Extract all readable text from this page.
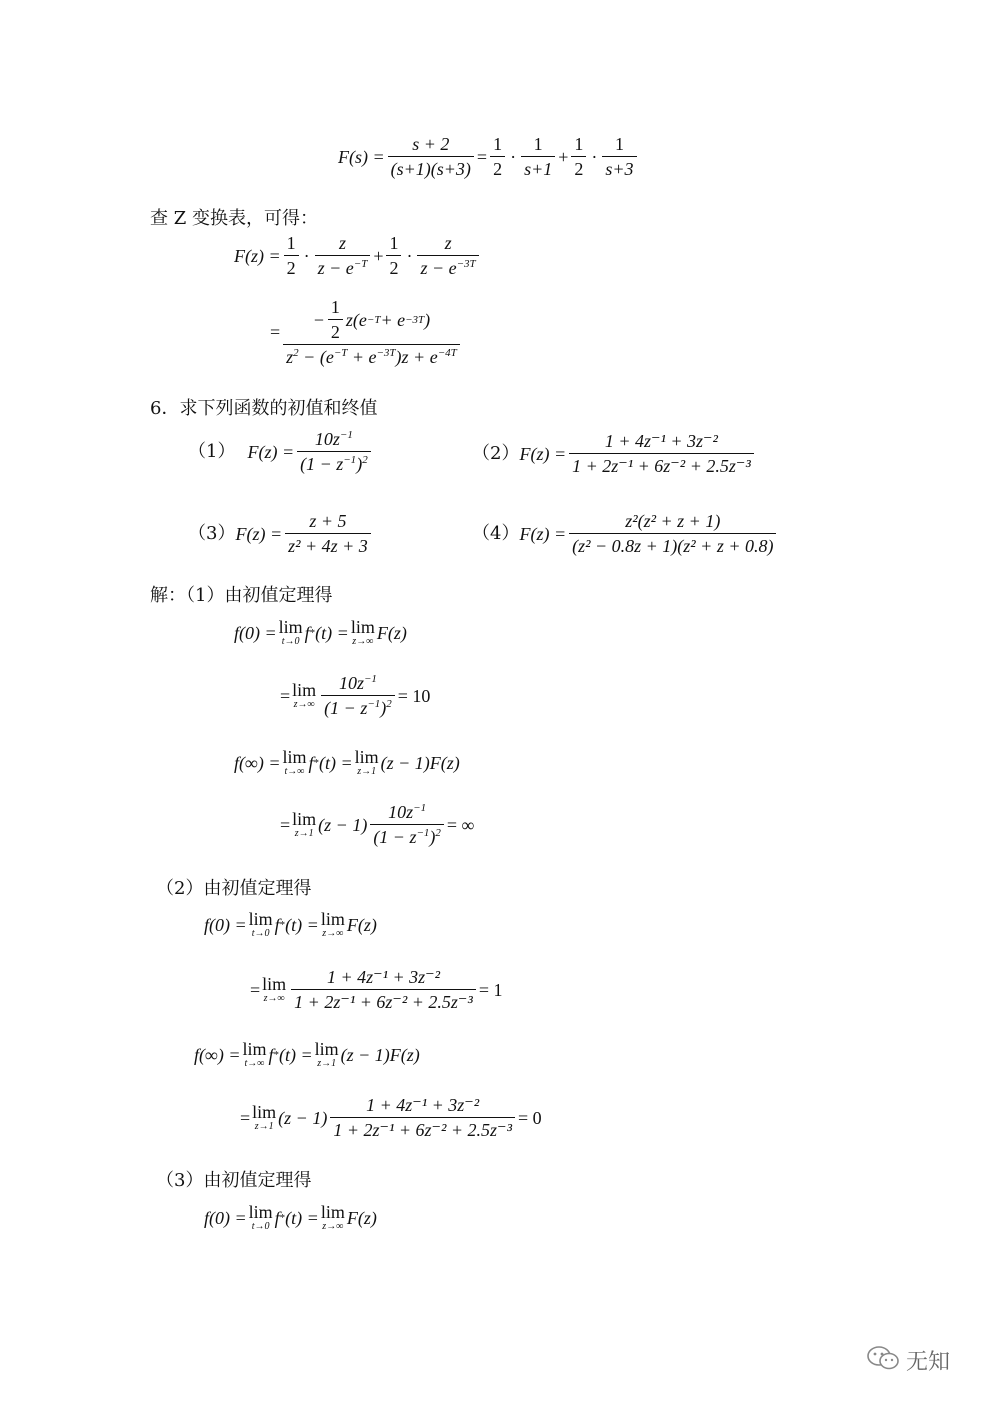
$F(s) = \frac{s + 2}{(s+1)(s+3)} = \frac{1}{2} \cdot \frac{1}{s+1} + \frac{1}{2} \cdot \frac{1}{s+3}$
查 Z 变换表，可得：
$F(z) = \frac{1}{2} \cdot \frac{z}{z - e^{-T}} + \frac{1}{2} \cdot \frac{z}{z - e^{-3T}}$
= $\frac{- \frac{1}{2} z(e -T + e -3T )}{z^2 - (e^{-T} + e^{-3T})z + e^{-4T}}$
6．求下列函数的初值和终值
（1） $F(z) = \frac{10z^{-1}}{(1 - z^{-1})^2}$	（2） $F(z) = \frac{\text{1 + 4z⁻¹ + 3z⁻²}}{\text{1 + 2z⁻¹ + 6z⁻² + 2.5z⁻³}}$
（3） $F(z) = \frac{z + 5}{\text{z² + 4z + 3}}$	（4） $F(z) = \frac{\text{z²(z² + z + 1)}}{\text{(z² − 0.8z + 1)(z² + z + 0.8)}}$
解：（1）由初值定理得
f(0) = lim
t→0 f * (t) = lim
z→∞ F(z)
= lim
$z\to\infty \frac{10z^{-1}}{(1 - z^{-1})^2} = 10$
f(∞) = lim
t→∞ f * (t) = lim
z→1 (z − 1)F(z)
= lim
z→1 $(z - 1) \frac{10z^{-1}}{(1 - z^{-1})^2}$ = ∞
（2）由初值定理得
f(0) = lim
t→0 f * (t) = lim
z→∞ F(z)
= lim
$z\to\infty \frac{\text{1 + 4z⁻¹ + 3z⁻²}}{\text{1 + 2z⁻¹ + 6z⁻² + 2.5z⁻³}} = 1$
f(∞) = lim
t→∞ f * (t) = lim
z→1 (z − 1)F(z)
= lim
z→1 $(z - 1) \frac{\text{1 + 4z⁻¹ + 3z⁻²}}{\text{1 + 2z⁻¹ + 6z⁻² + 2.5z⁻³}} = 0$
（3）由初值定理得
f(0) = lim
t→0 f * (t) = lim
z→∞ F(z)
无知
